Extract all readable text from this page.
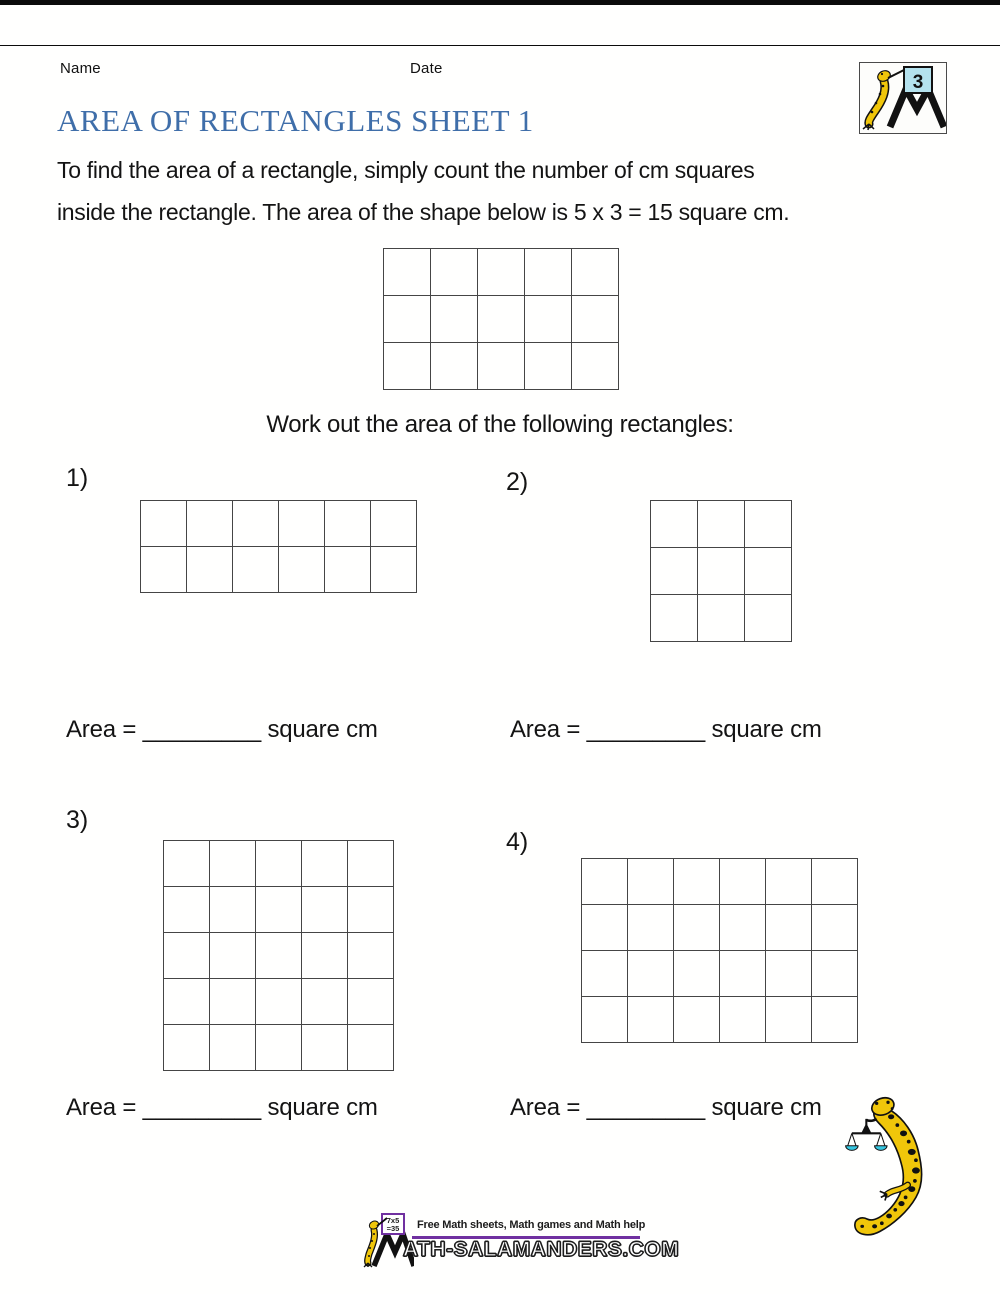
Name	Date
3
AREA OF RECTANGLES SHEET 1
To find the area of a rectangle, simply count the number of cm squares
inside the rectangle. The area of the shape below is 5 x 3 = 15 square cm.
Work out the area of the following rectangles:
1)	2)
Area = _________ square cm	Area = _________ square cm
3)
4)
Area = _________ square cm	Area = _________ square cm
7x5
=35 Free Math sheets, Math games and Math help
ATH-SALAMANDERS.COM
